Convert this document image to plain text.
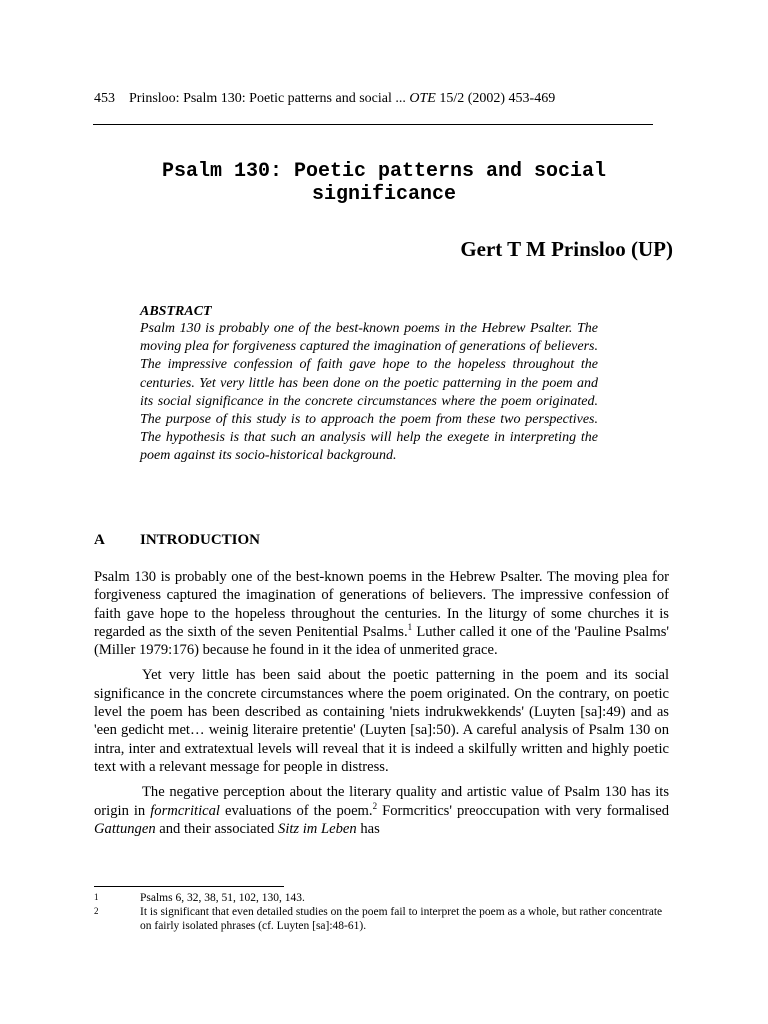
453 Prinsloo: Psalm 130: Poetic patterns and social ... OTE 15/2 (2002) 453-469
Psalm 130: Poetic patterns and social significance
Gert T M Prinsloo (UP)

ABSTRACT

Psalm 130 is probably one of the best-known poems in the Hebrew Psalter. The moving plea for forgiveness captured the imagination of generations of believers. The impressive confession of faith gave hope to the hopeless throughout the centuries. Yet very little has been done on the poetic patterning in the poem and its social significance in the concrete circumstances where the poem originated. The purpose of this study is to approach the poem from these two perspectives. The hypothesis is that such an analysis will help the exegete in interpreting the poem against its socio-historical background.

A INTRODUCTION

Psalm 130 is probably one of the best-known poems in the Hebrew Psalter. The moving plea for forgiveness captured the imagination of generations of believers. The impressive confession of faith gave hope to the hopeless throughout the centuries. In the liturgy of some churches it is regarded as the sixth of the seven Penitential Psalms.$^1$ Luther called it one of the 'Pauline Psalms' (Miller 1979:176) because he found in it the idea of unmerited grace.

Yet very little has been said about the poetic patterning in the poem and its social significance in the concrete circumstances where the poem originated. On the contrary, on poetic level the poem has been described as containing 'niets indrukwekkends' (Luyten [sa]:49) and as 'een gedicht met… weinig literaire pretentie' (Luyten [sa]:50). A careful analysis of Psalm 130 on intra, inter and extratextual levels will reveal that it is indeed a skilfully written and highly poetic text with a relevant message for people in distress.

The negative perception about the literary quality and artistic value of Psalm 130 has its origin in formcritical evaluations of the poem.$^2$ Formcritics' preoccupation with very formalised Gattungen and their associated Sitz im Leben has

1	Psalms 6, 32, 38, 51, 102, 130, 143.

2	It is significant that even detailed studies on the poem fail to interpret the poem as a whole, but rather concentrate on fairly isolated phrases (cf. Luyten [sa]:48-61).
